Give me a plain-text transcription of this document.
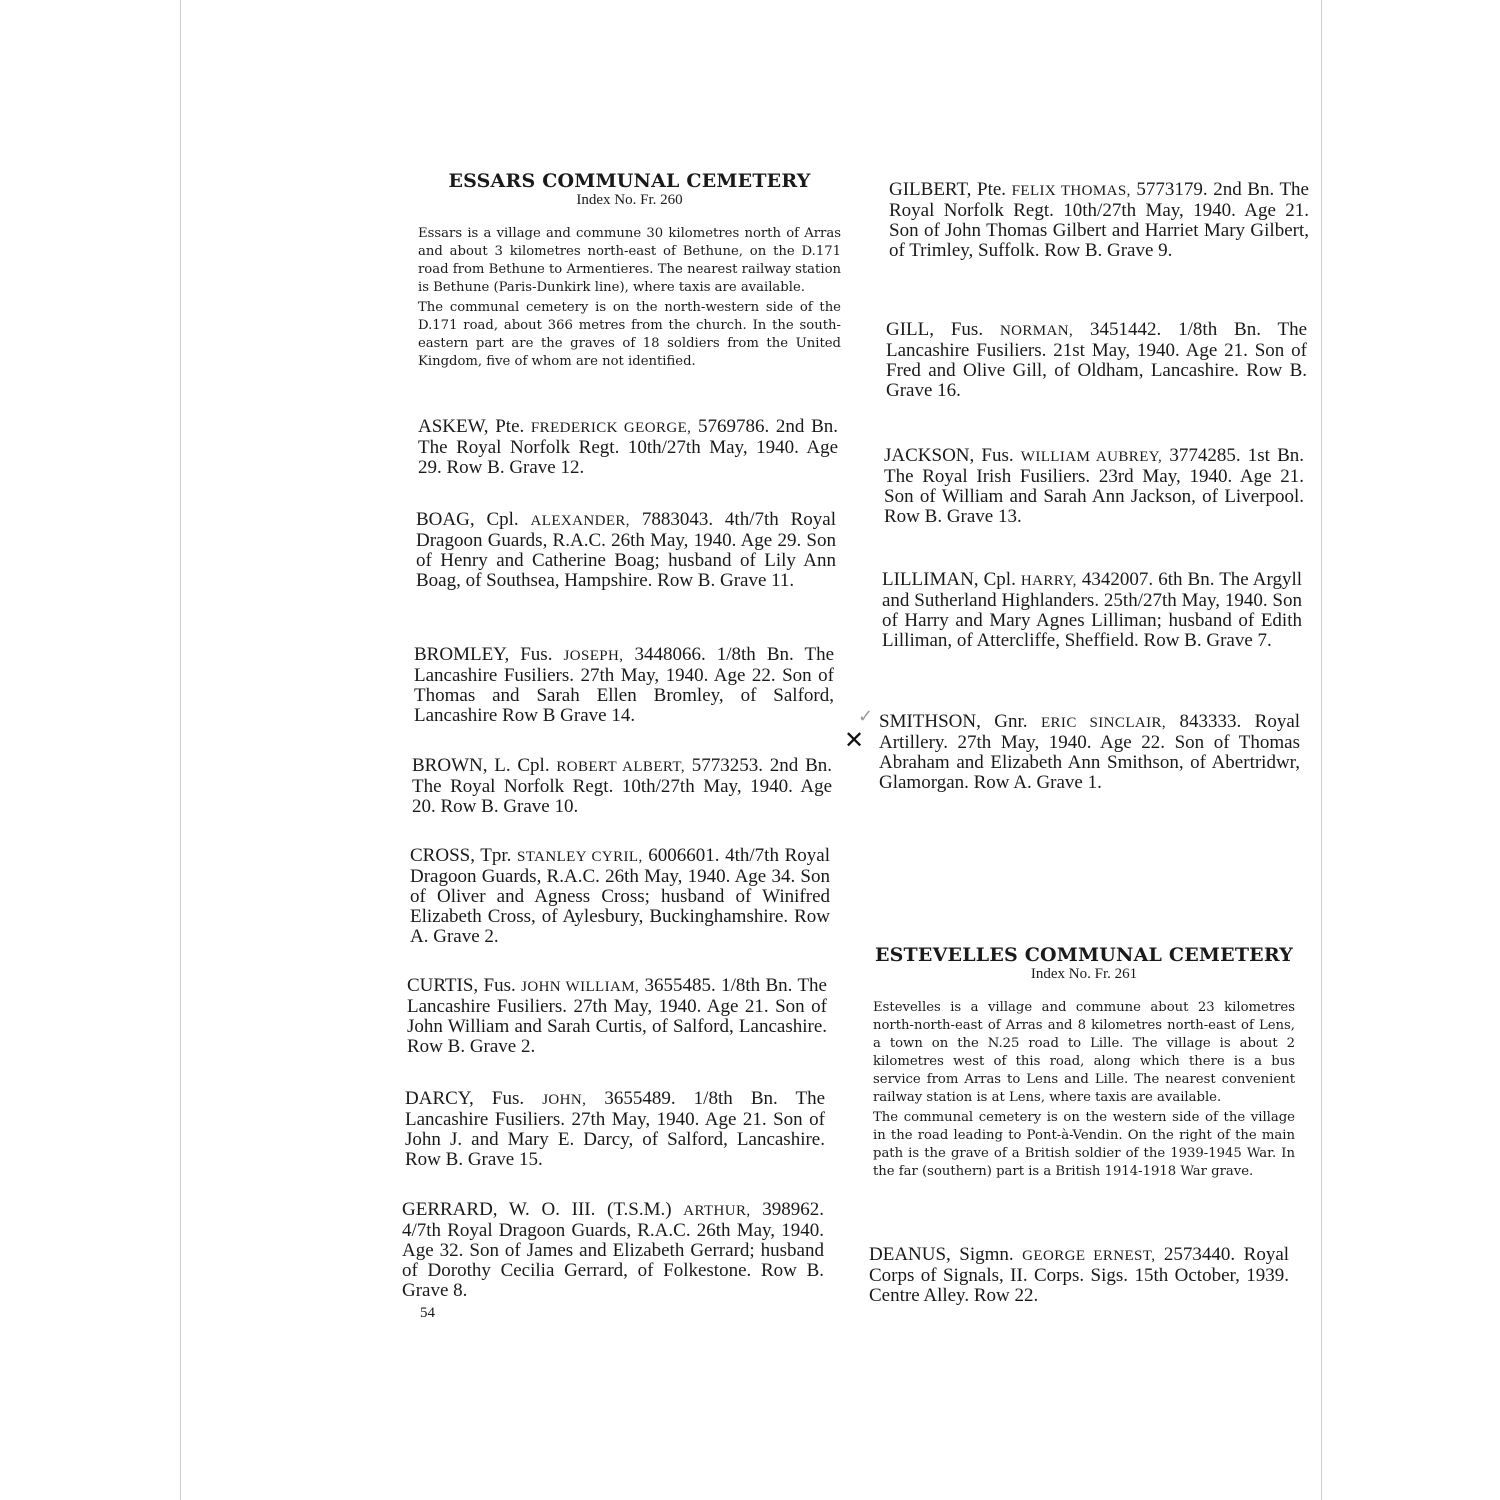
ESSARS COMMUNAL CEMETERY

Index No. Fr. 260

Essars is a village and commune 30 kilometres north of Arras and about 3 kilometres north-east of Bethune, on the D.171 road from Bethune to Armentieres. The nearest railway station is Bethune (Paris-Dunkirk line), where taxis are available.

The communal cemetery is on the north-western side of the D.171 road, about 366 metres from the church. In the south-eastern part are the graves of 18 soldiers from the United Kingdom, five of whom are not identified.

ASKEW, Pte. FREDERICK GEORGE, 5769786. 2nd Bn. The Royal Norfolk Regt. 10th/27th May, 1940. Age 29. Row B. Grave 12.

BOAG, Cpl. ALEXANDER, 7883043. 4th/7th Royal Dragoon Guards, R.A.C. 26th May, 1940. Age 29. Son of Henry and Catherine Boag; husband of Lily Ann Boag, of Southsea, Hampshire. Row B. Grave 11.

BROMLEY, Fus. JOSEPH, 3448066. 1/8th Bn. The Lancashire Fusiliers. 27th May, 1940. Age 22. Son of Thomas and Sarah Ellen Bromley, of Salford, Lancashire Row B Grave 14.

BROWN, L. Cpl. ROBERT ALBERT, 5773253. 2nd Bn. The Royal Norfolk Regt. 10th/27th May, 1940. Age 20. Row B. Grave 10.

CROSS, Tpr. STANLEY CYRIL, 6006601. 4th/7th Royal Dragoon Guards, R.A.C. 26th May, 1940. Age 34. Son of Oliver and Agness Cross; husband of Winifred Elizabeth Cross, of Aylesbury, Buckinghamshire. Row A. Grave 2.

CURTIS, Fus. JOHN WILLIAM, 3655485. 1/8th Bn. The Lancashire Fusiliers. 27th May, 1940. Age 21. Son of John William and Sarah Curtis, of Salford, Lancashire. Row B. Grave 2.

DARCY, Fus. JOHN, 3655489. 1/8th Bn. The Lancashire Fusiliers. 27th May, 1940. Age 21. Son of John J. and Mary E. Darcy, of Salford, Lancashire. Row B. Grave 15.

GERRARD, W. O. III. (T.S.M.) ARTHUR, 398962. 4/7th Royal Dragoon Guards, R.A.C. 26th May, 1940. Age 32. Son of James and Elizabeth Gerrard; husband of Dorothy Cecilia Gerrard, of Folkestone. Row B. Grave 8.

54

GILBERT, Pte. FELIX THOMAS, 5773179. 2nd Bn. The Royal Norfolk Regt. 10th/27th May, 1940. Age 21. Son of John Thomas Gilbert and Harriet Mary Gilbert, of Trimley, Suffolk. Row B. Grave 9.

GILL, Fus. NORMAN, 3451442. 1/8th Bn. The Lancashire Fusiliers. 21st May, 1940. Age 21. Son of Fred and Olive Gill, of Oldham, Lancashire. Row B. Grave 16.

JACKSON, Fus. WILLIAM AUBREY, 3774285. 1st Bn. The Royal Irish Fusiliers. 23rd May, 1940. Age 21. Son of William and Sarah Ann Jackson, of Liverpool. Row B. Grave 13.

LILLIMAN, Cpl. HARRY, 4342007. 6th Bn. The Argyll and Sutherland Highlanders. 25th/27th May, 1940. Son of Harry and Mary Agnes Lilliman; husband of Edith Lilliman, of Attercliffe, Sheffield. Row B. Grave 7.

✓
✕

SMITHSON, Gnr. ERIC SINCLAIR, 843333. Royal Artillery. 27th May, 1940. Age 22. Son of Thomas Abraham and Elizabeth Ann Smithson, of Abertridwr, Glamorgan. Row A. Grave 1.

ESTEVELLES COMMUNAL CEMETERY

Index No. Fr. 261

Estevelles is a village and commune about 23 kilometres north-north-east of Arras and 8 kilometres north-east of Lens, a town on the N.25 road to Lille. The village is about 2 kilometres west of this road, along which there is a bus service from Arras to Lens and Lille. The nearest convenient railway station is at Lens, where taxis are available.

The communal cemetery is on the western side of the village in the road leading to Pont-à-Vendin. On the right of the main path is the grave of a British soldier of the 1939-1945 War. In the far (southern) part is a British 1914-1918 War grave.

DEANUS, Sigmn. GEORGE ERNEST, 2573440. Royal Corps of Signals, II. Corps. Sigs. 15th October, 1939. Centre Alley. Row 22.
